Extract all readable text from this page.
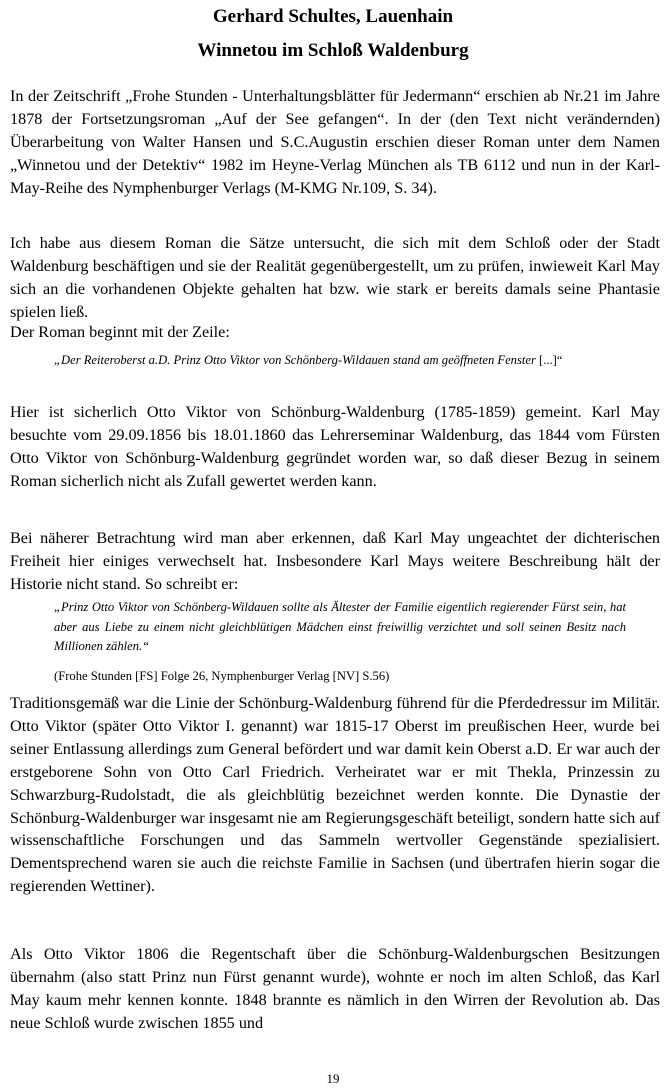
Gerhard Schultes, Lauenhain
Winnetou im Schloß Waldenburg

In der Zeitschrift „Frohe Stunden - Unterhaltungsblätter für Jedermann“ erschien ab Nr.21 im Jahre 1878 der Fortsetzungsroman „Auf der See gefangen“. In der (den Text nicht verändernden) Überarbeitung von Walter Hansen und S.C.Augustin erschien dieser Roman unter dem Namen „Winnetou und der Detektiv“ 1982 im Heyne-Verlag München als TB 6112 und nun in der Karl-May-Reihe des Nymphenburger Verlags (M-KMG Nr.109, S. 34).

Ich habe aus diesem Roman die Sätze untersucht, die sich mit dem Schloß oder der Stadt Waldenburg beschäftigen und sie der Realität gegenübergestellt, um zu prüfen, inwieweit Karl May sich an die vorhandenen Objekte gehalten hat bzw. wie stark er bereits damals seine Phantasie spielen ließ.

Der Roman beginnt mit der Zeile:

„Der Reiteroberst a.D. Prinz Otto Viktor von Schönberg-Wildauen stand am geöffneten Fenster [...]“

Hier ist sicherlich Otto Viktor von Schönburg-Waldenburg (1785-1859) gemeint. Karl May besuchte vom 29.09.1856 bis 18.01.1860 das Lehrerseminar Waldenburg, das 1844 vom Fürsten Otto Viktor von Schönburg-Waldenburg gegründet worden war, so daß dieser Bezug in seinem Roman sicherlich nicht als Zufall gewertet werden kann.

Bei näherer Betrachtung wird man aber erkennen, daß Karl May ungeachtet der dichterischen Freiheit hier einiges verwechselt hat. Insbesondere Karl Mays weitere Beschreibung hält der Historie nicht stand. So schreibt er:

„Prinz Otto Viktor von Schönberg-Wildauen sollte als Ältester der Familie eigentlich regierender Fürst sein, hat aber aus Liebe zu einem nicht gleichblütigen Mädchen einst freiwillig verzichtet und soll seinen Besitz nach Millionen zählen.“

(Frohe Stunden [FS] Folge 26, Nymphenburger Verlag [NV] S.56)

Traditionsgemäß war die Linie der Schönburg-Waldenburg führend für die Pferdedressur im Militär. Otto Viktor (später Otto Viktor I. genannt) war 1815-17 Oberst im preußischen Heer, wurde bei seiner Entlassung allerdings zum General befördert und war damit kein Oberst a.D. Er war auch der erstgeborene Sohn von Otto Carl Friedrich. Verheiratet war er mit Thekla, Prinzessin zu Schwarzburg-Rudolstadt, die als gleichblütig bezeichnet werden konnte. Die Dynastie der Schönburg-Waldenburger war insgesamt nie am Regierungsgeschäft beteiligt, sondern hatte sich auf wissenschaftliche Forschungen und das Sammeln wertvoller Gegenstände spezialisiert. Dementsprechend waren sie auch die reichste Familie in Sachsen (und übertrafen hierin sogar die regierenden Wettiner).

Als Otto Viktor 1806 die Regentschaft über die Schönburg-Waldenburgschen Besitzungen übernahm (also statt Prinz nun Fürst genannt wurde), wohnte er noch im alten Schloß, das Karl May kaum mehr kennen konnte. 1848 brannte es nämlich in den Wirren der Revolution ab. Das neue Schloß wurde zwischen 1855 und

19
